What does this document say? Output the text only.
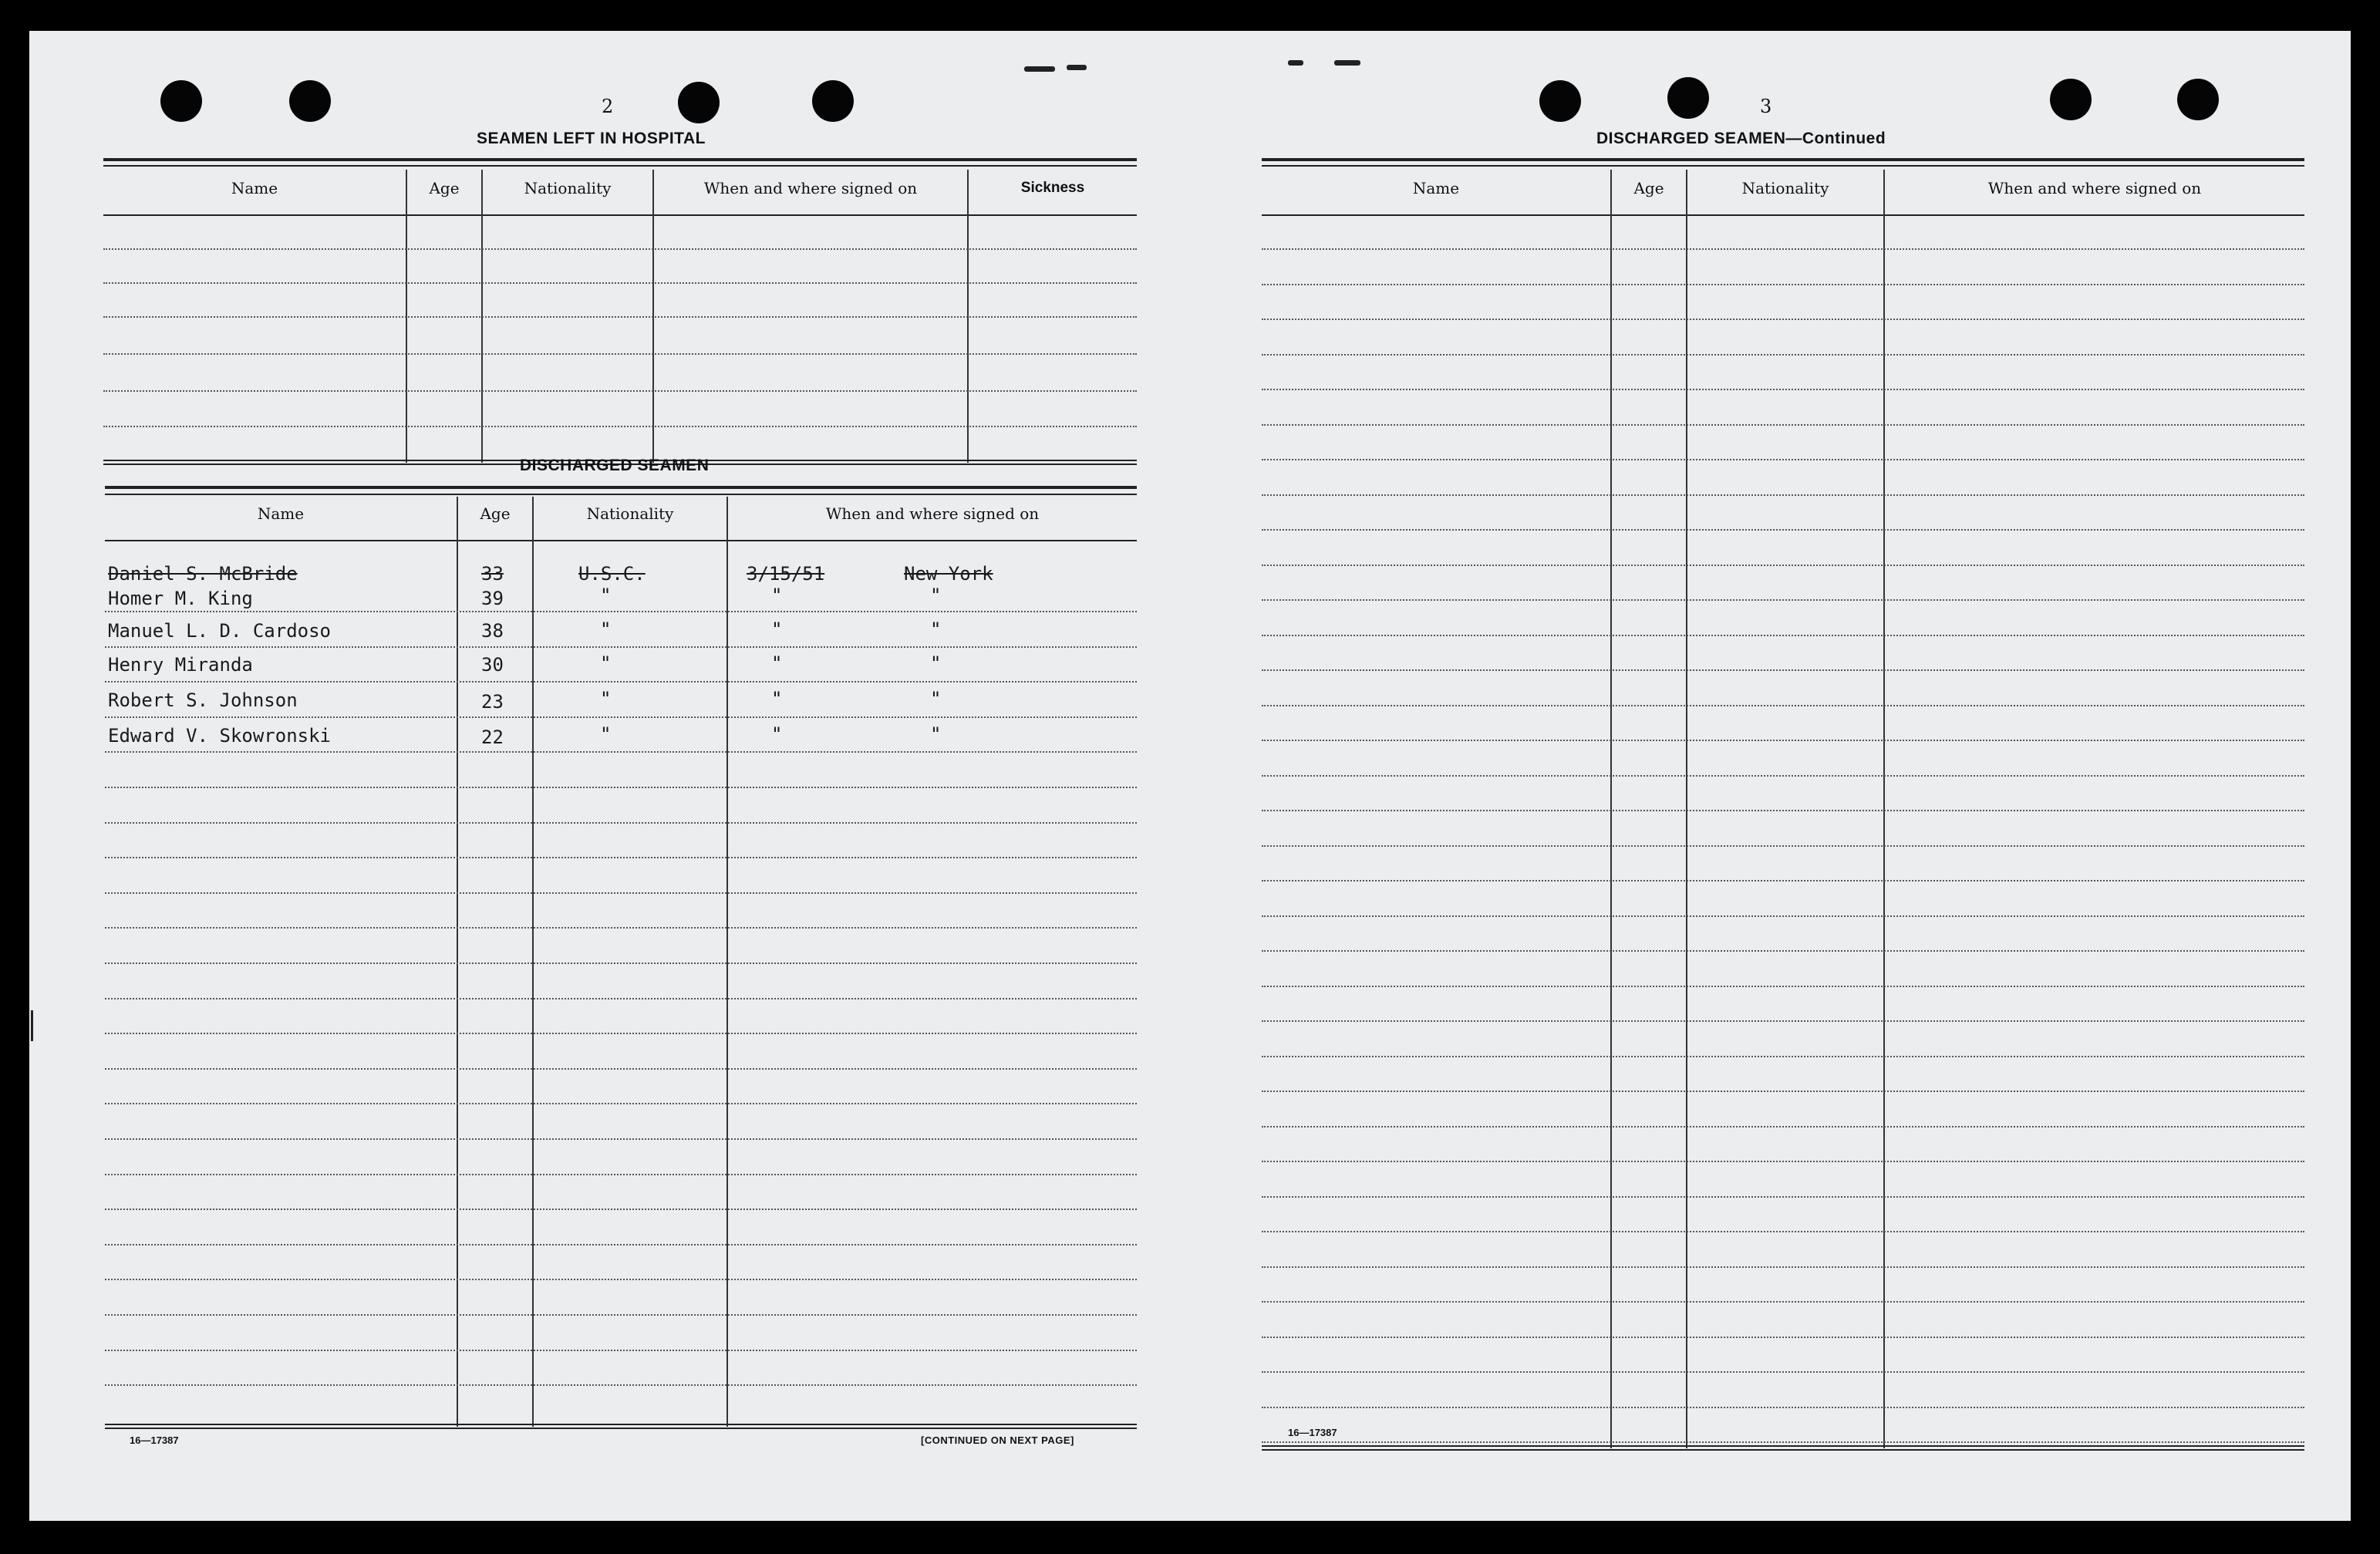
2
SEAMEN LEFT IN HOSPITAL
Name	Age	Nationality	When and where signed on	Sickness
DISCHARGED SEAMEN
Name	Age	Nationality	When and where signed on
Daniel S. McBride	33	U.S.C.	3/15/51	New York
Homer M. King	39	"	"	"
Manuel L. D. Cardoso	38	"	"	"
Henry Miranda	30	"	"	"
Robert S. Johnson	23	"	"	"
Edward V. Skowronski	22	"	"	"
16—17387	[CONTINUED ON NEXT PAGE]
3
DISCHARGED SEAMEN—Continued
Name	Age	Nationality	When and where signed on
16—17387
